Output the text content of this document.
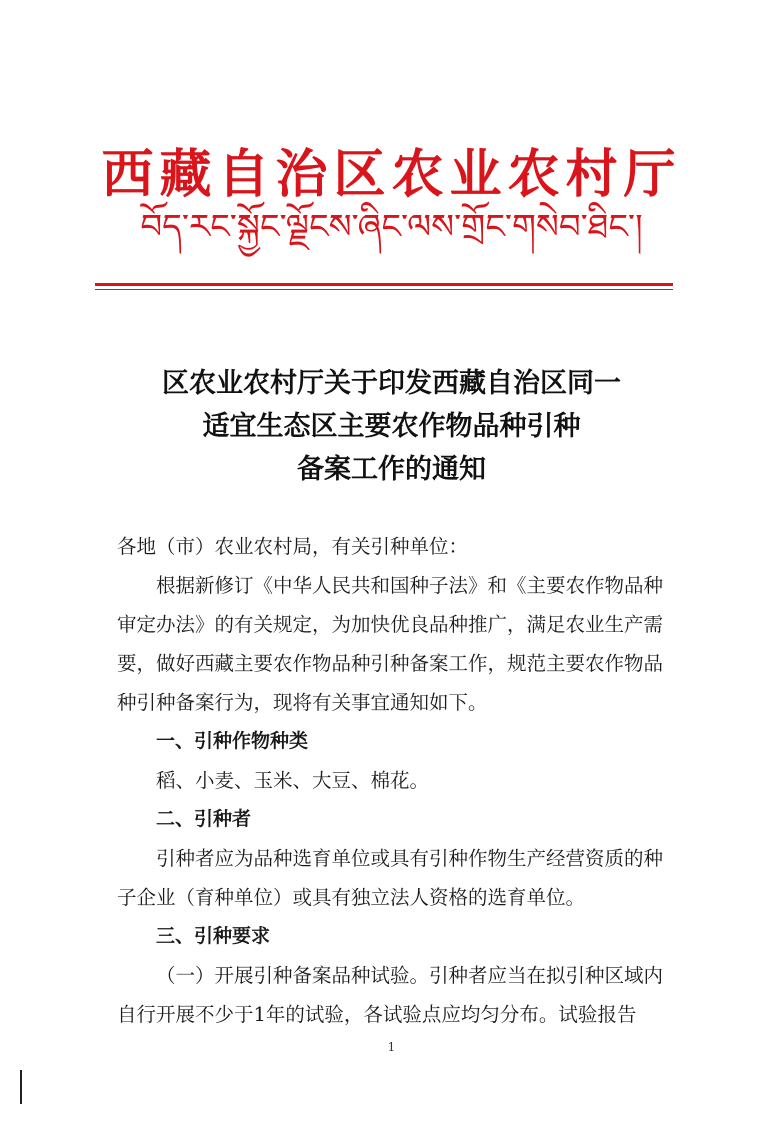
西藏自治区农业农村厅
བོད་རང་སྐྱོང་ལྗོངས་ཞིང་ལས་གྲོང་གསེབ་ཐིང་།
区农业农村厅关于印发西藏自治区同一
适宜生态区主要农作物品种引种
备案工作的通知

各地（市）农业农村局，有关引种单位：

根据新修订《中华人民共和国种子法》和《主要农作物品种审定办法》的有关规定，为加快优良品种推广，满足农业生产需要，做好西藏主要农作物品种引种备案工作，规范主要农作物品种引种备案行为，现将有关事宜通知如下。

一、引种作物种类

稻、小麦、玉米、大豆、棉花。

二、引种者

引种者应为品种选育单位或具有引种作物生产经营资质的种子企业（育种单位）或具有独立法人资格的选育单位。

三、引种要求

（一）开展引种备案品种试验。引种者应当在拟引种区域内自行开展不少于1年的试验，各试验点应均匀分布。试验报告

1
